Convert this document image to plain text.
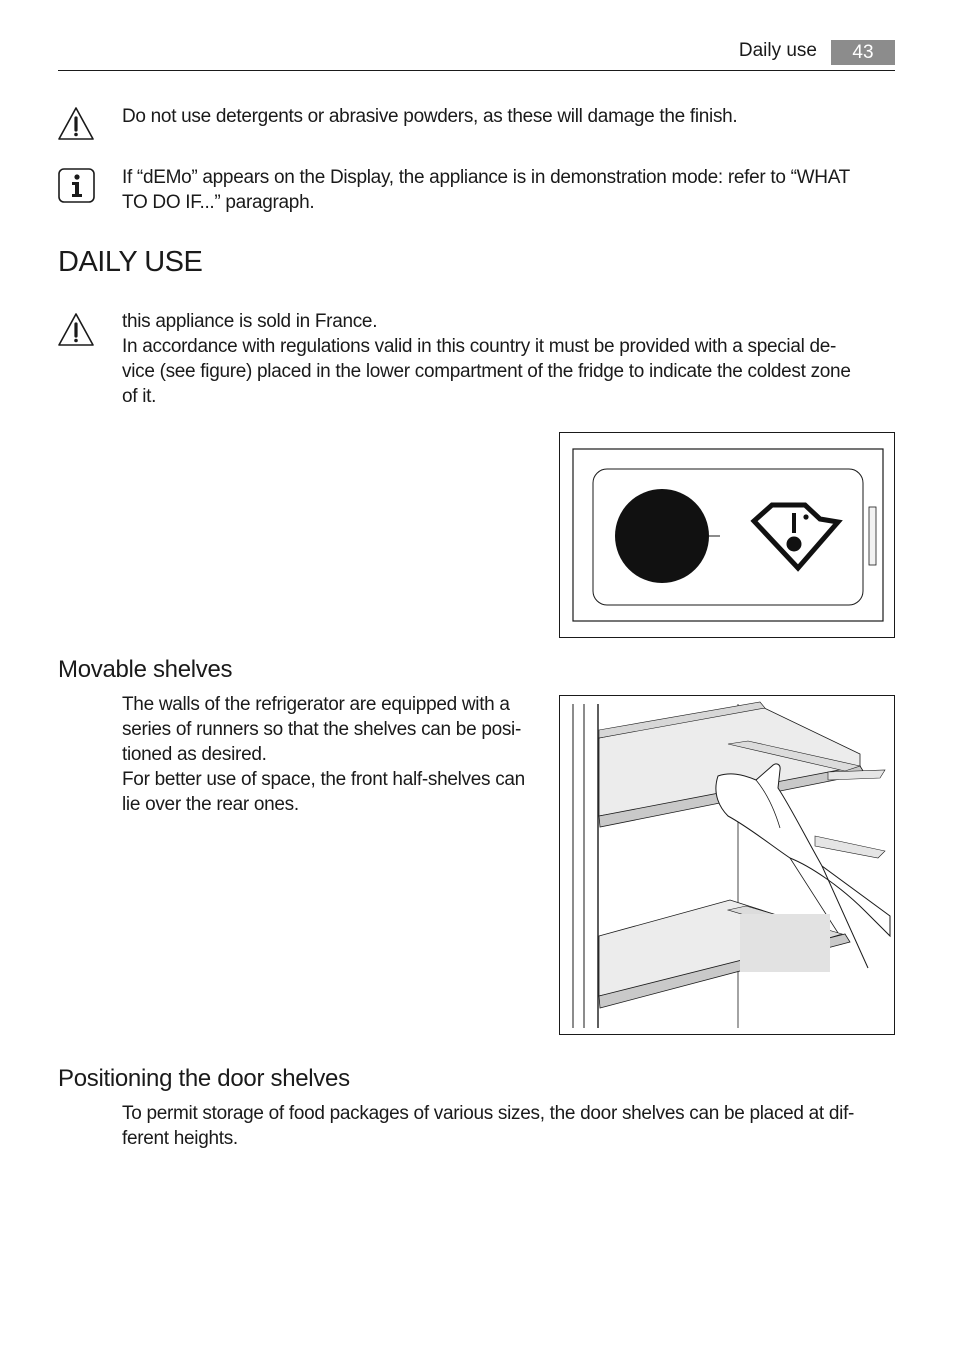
Daily use	43
Do not use detergents or abrasive powders, as these will damage the finish.
If “dEMo” appears on the Display, the appliance is in demonstration mode: refer to “WHAT
TO DO IF...” paragraph.
DAILY USE
this appliance is sold in France.
In accordance with regulations valid in this country it must be provided with a special de-
vice (see figure) placed in the lower compartment of the fridge to indicate the coldest zone
of it.
Movable shelves
The walls of the refrigerator are equipped with a
series of runners so that the shelves can be posi-
tioned as desired.
For better use of space, the front half-shelves can
lie over the rear ones.
Positioning the door shelves
To permit storage of food packages of various sizes, the door shelves can be placed at dif-
ferent heights.
